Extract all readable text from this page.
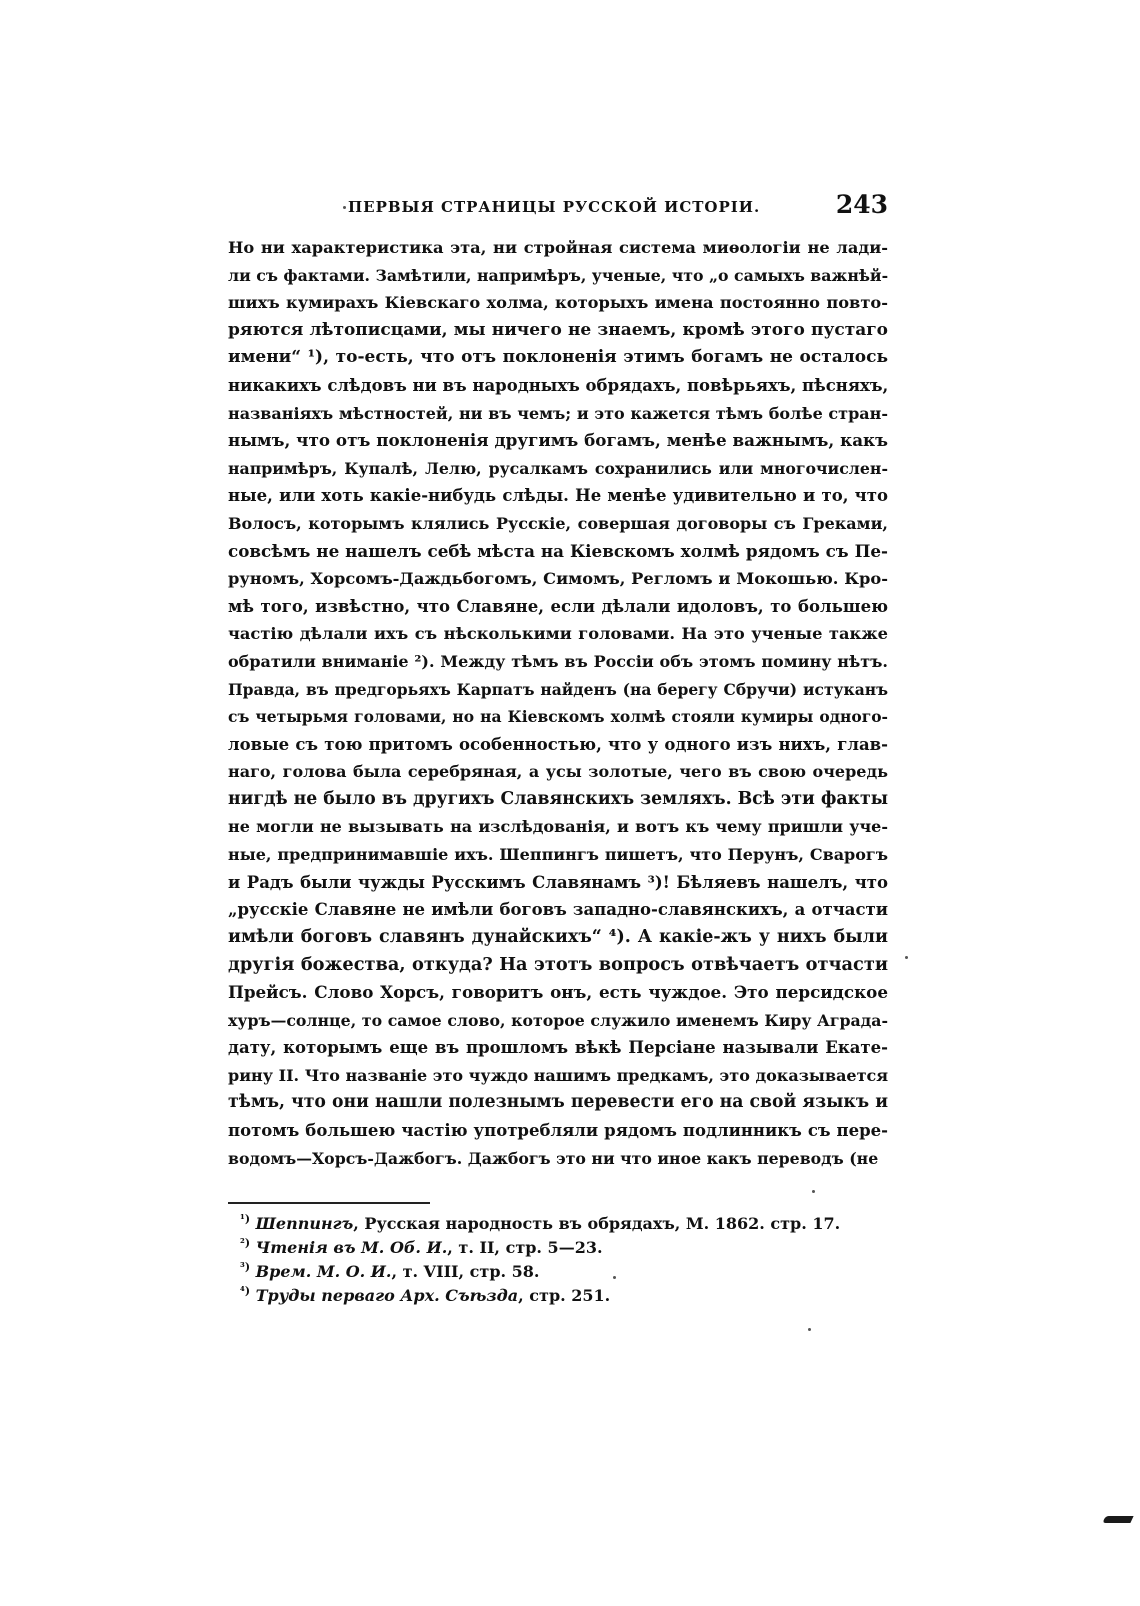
ПЕРВЫЯ СТРАНИЦЫ РУССКОЙ ИСТОРІИ.	243
Но ни характеристика эта, ни стройная система миѳологіи не лади-
ли съ фактами. Замѣтили, напримѣръ, ученые, что „о самыхъ важнѣй-
шихъ кумирахъ Кіевскаго холма, которыхъ имена постоянно повто-
ряются лѣтописцами, мы ничего не знаемъ, кромѣ этого пустаго
имени“ ¹), то-есть, что отъ поклоненія этимъ богамъ не осталось
никакихъ слѣдовъ ни въ народныхъ обрядахъ, повѣрьяхъ, пѣсняхъ,
названіяхъ мѣстностей, ни въ чемъ; и это кажется тѣмъ болѣе стран-
нымъ, что отъ поклоненія другимъ богамъ, менѣе важнымъ, какъ
напримѣръ, Купалѣ, Лелю, русалкамъ сохранились или многочислен-
ные, или хоть какіе-нибудь слѣды. Не менѣе удивительно и то, что
Волосъ, которымъ клялись Русскіе, совершая договоры съ Греками,
совсѣмъ не нашелъ себѣ мѣста на Кіевскомъ холмѣ рядомъ съ Пе-
руномъ, Хорсомъ-Даждьбогомъ, Симомъ, Регломъ и Мокошью. Кро-
мѣ того, извѣстно, что Славяне, если дѣлали идоловъ, то большею
частію дѣлали ихъ съ нѣсколькими головами. На это ученые также
обратили вниманіе ²). Между тѣмъ въ Россіи объ этомъ помину нѣтъ.
Правда, въ предгорьяхъ Карпатъ найденъ (на берегу Сбручи) истуканъ
съ четырьмя головами, но на Кіевскомъ холмѣ стояли кумиры одного-
ловые съ тою притомъ особенностью, что у одного изъ нихъ, глав-
наго, голова была серебряная, а усы золотые, чего въ свою очередь
нигдѣ не было въ другихъ Славянскихъ земляхъ. Всѣ эти факты
не могли не вызывать на изслѣдованія, и вотъ къ чему пришли уче-
ные, предпринимавшіе ихъ. Шеппингъ пишетъ, что Перунъ, Сварогъ
и Радъ были чужды Русскимъ Славянамъ ³)! Бѣляевъ нашелъ, что
„русскіе Славяне не имѣли боговъ западно-славянскихъ, а отчасти
имѣли боговъ славянъ дунайскихъ“ ⁴). А какіе-жъ у нихъ были
другія божества, откуда? На этотъ вопросъ отвѣчаетъ отчасти
Прейсъ. Слово Хорсъ, говоритъ онъ, есть чуждое. Это персидское
хуръ—солнце, то самое слово, которое служило именемъ Киру Аграда-
дату, которымъ еще въ прошломъ вѣкѣ Персіане называли Екате-
рину II. Что названіе это чуждо нашимъ предкамъ, это доказывается
тѣмъ, что они нашли полезнымъ перевести его на свой языкъ и
потомъ большею частію употребляли рядомъ подлинникъ съ пере-
водомъ—Хорсъ-Дажбогъ. Дажбогъ это ни что иное какъ переводъ (не
$^{^1)}$ Шеппингъ, Русская народность въ обрядахъ, М. 1862. стр. 17.
$^{^2)}$ Чтенія въ М. Об. И., т. II, стр. 5—23.
$^{^3)}$ Врем. М. О. И., т. VIII, стр. 58.
$^{^4)}$ Труды перваго Арх. Съѣзда, стр. 251.
